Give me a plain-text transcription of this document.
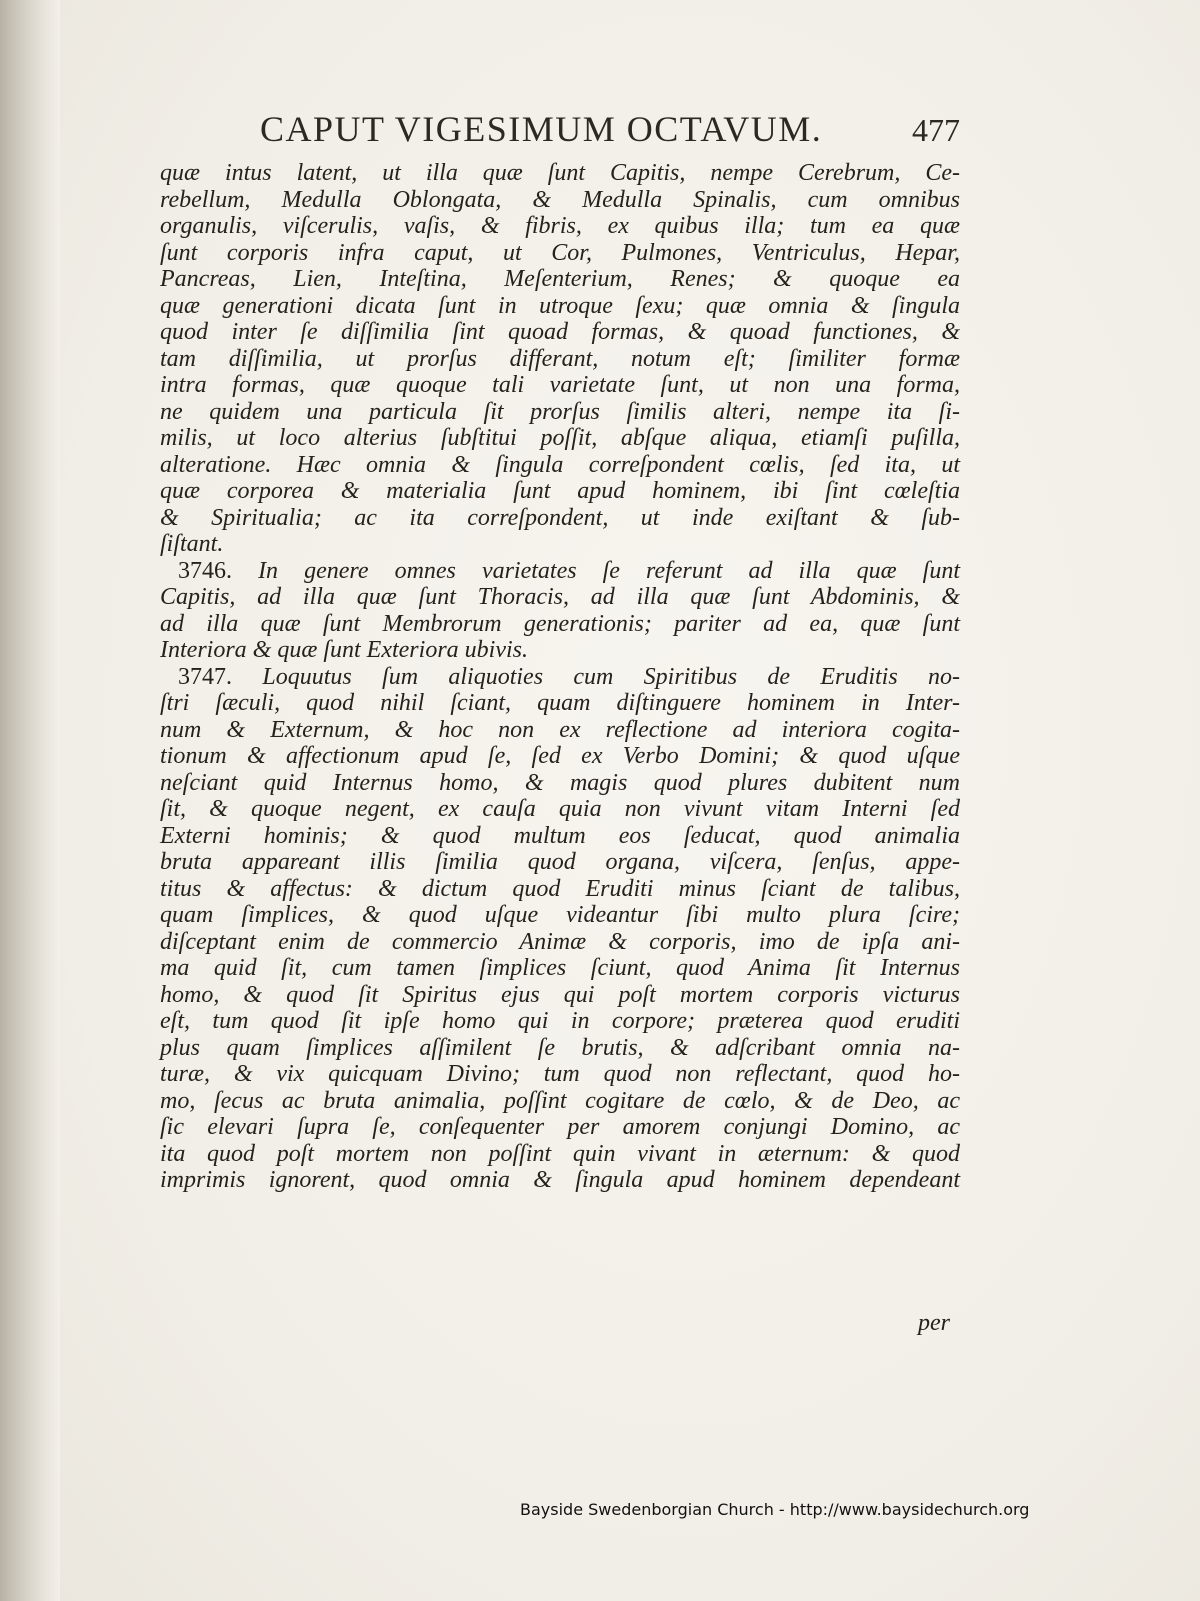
CAPUT VIGESIMUM OCTAVUM.	477
quæ intus latent, ut illa quæ ſunt Capitis, nempe Cerebrum, Ce-
rebellum, Medulla Oblongata, & Medulla Spinalis, cum omnibus
organulis, viſcerulis, vaſis, & fibris, ex quibus illa; tum ea quæ
ſunt corporis infra caput, ut Cor, Pulmones, Ventriculus, Hepar,
Pancreas, Lien, Inteſtina, Meſenterium, Renes; & quoque ea
quæ generationi dicata ſunt in utroque ſexu; quæ omnia & ſingula
quod inter ſe diſſimilia ſint quoad formas, & quoad functiones, &
tam diſſimilia, ut prorſus differant, notum eſt; ſimiliter formæ
intra formas, quæ quoque tali varietate ſunt, ut non una forma,
ne quidem una particula ſit prorſus ſimilis alteri, nempe ita ſi-
milis, ut loco alterius ſubſtitui poſſit, abſque aliqua, etiamſi puſilla,
alteratione. Hæc omnia & ſingula correſpondent cœlis, ſed ita, ut
quæ corporea & materialia ſunt apud hominem, ibi ſint cœleſtia
& Spiritualia; ac ita correſpondent, ut inde exiſtant & ſub-
ſiſtant.
3746. In genere omnes varietates ſe referunt ad illa quæ ſunt
Capitis, ad illa quæ ſunt Thoracis, ad illa quæ ſunt Abdominis, &
ad illa quæ ſunt Membrorum generationis; pariter ad ea, quæ ſunt
Interiora & quæ ſunt Exteriora ubivis.
3747. Loquutus ſum aliquoties cum Spiritibus de Eruditis no-
ſtri ſæculi, quod nihil ſciant, quam diſtinguere hominem in Inter-
num & Externum, & hoc non ex reflectione ad interiora cogita-
tionum & affectionum apud ſe, ſed ex Verbo Domini; & quod uſque
neſciant quid Internus homo, & magis quod plures dubitent num
ſit, & quoque negent, ex cauſa quia non vivunt vitam Interni ſed
Externi hominis; & quod multum eos ſeducat, quod animalia
bruta appareant illis ſimilia quod organa, viſcera, ſenſus, appe-
titus & affectus: & dictum quod Eruditi minus ſciant de talibus,
quam ſimplices, & quod uſque videantur ſibi multo plura ſcire;
diſceptant enim de commercio Animæ & corporis, imo de ipſa ani-
ma quid ſit, cum tamen ſimplices ſciunt, quod Anima ſit Internus
homo, & quod ſit Spiritus ejus qui poſt mortem corporis victurus
eſt, tum quod ſit ipſe homo qui in corpore; præterea quod eruditi
plus quam ſimplices aſſimilent ſe brutis, & adſcribant omnia na-
turæ, & vix quicquam Divino; tum quod non reflectant, quod ho-
mo, ſecus ac bruta animalia, poſſint cogitare de cœlo, & de Deo, ac
ſic elevari ſupra ſe, conſequenter per amorem conjungi Domino, ac
ita quod poſt mortem non poſſint quin vivant in æternum: & quod
imprimis ignorent, quod omnia & ſingula apud hominem dependeant
per
Bayside Swedenborgian Church - http://www.baysidechurch.org
